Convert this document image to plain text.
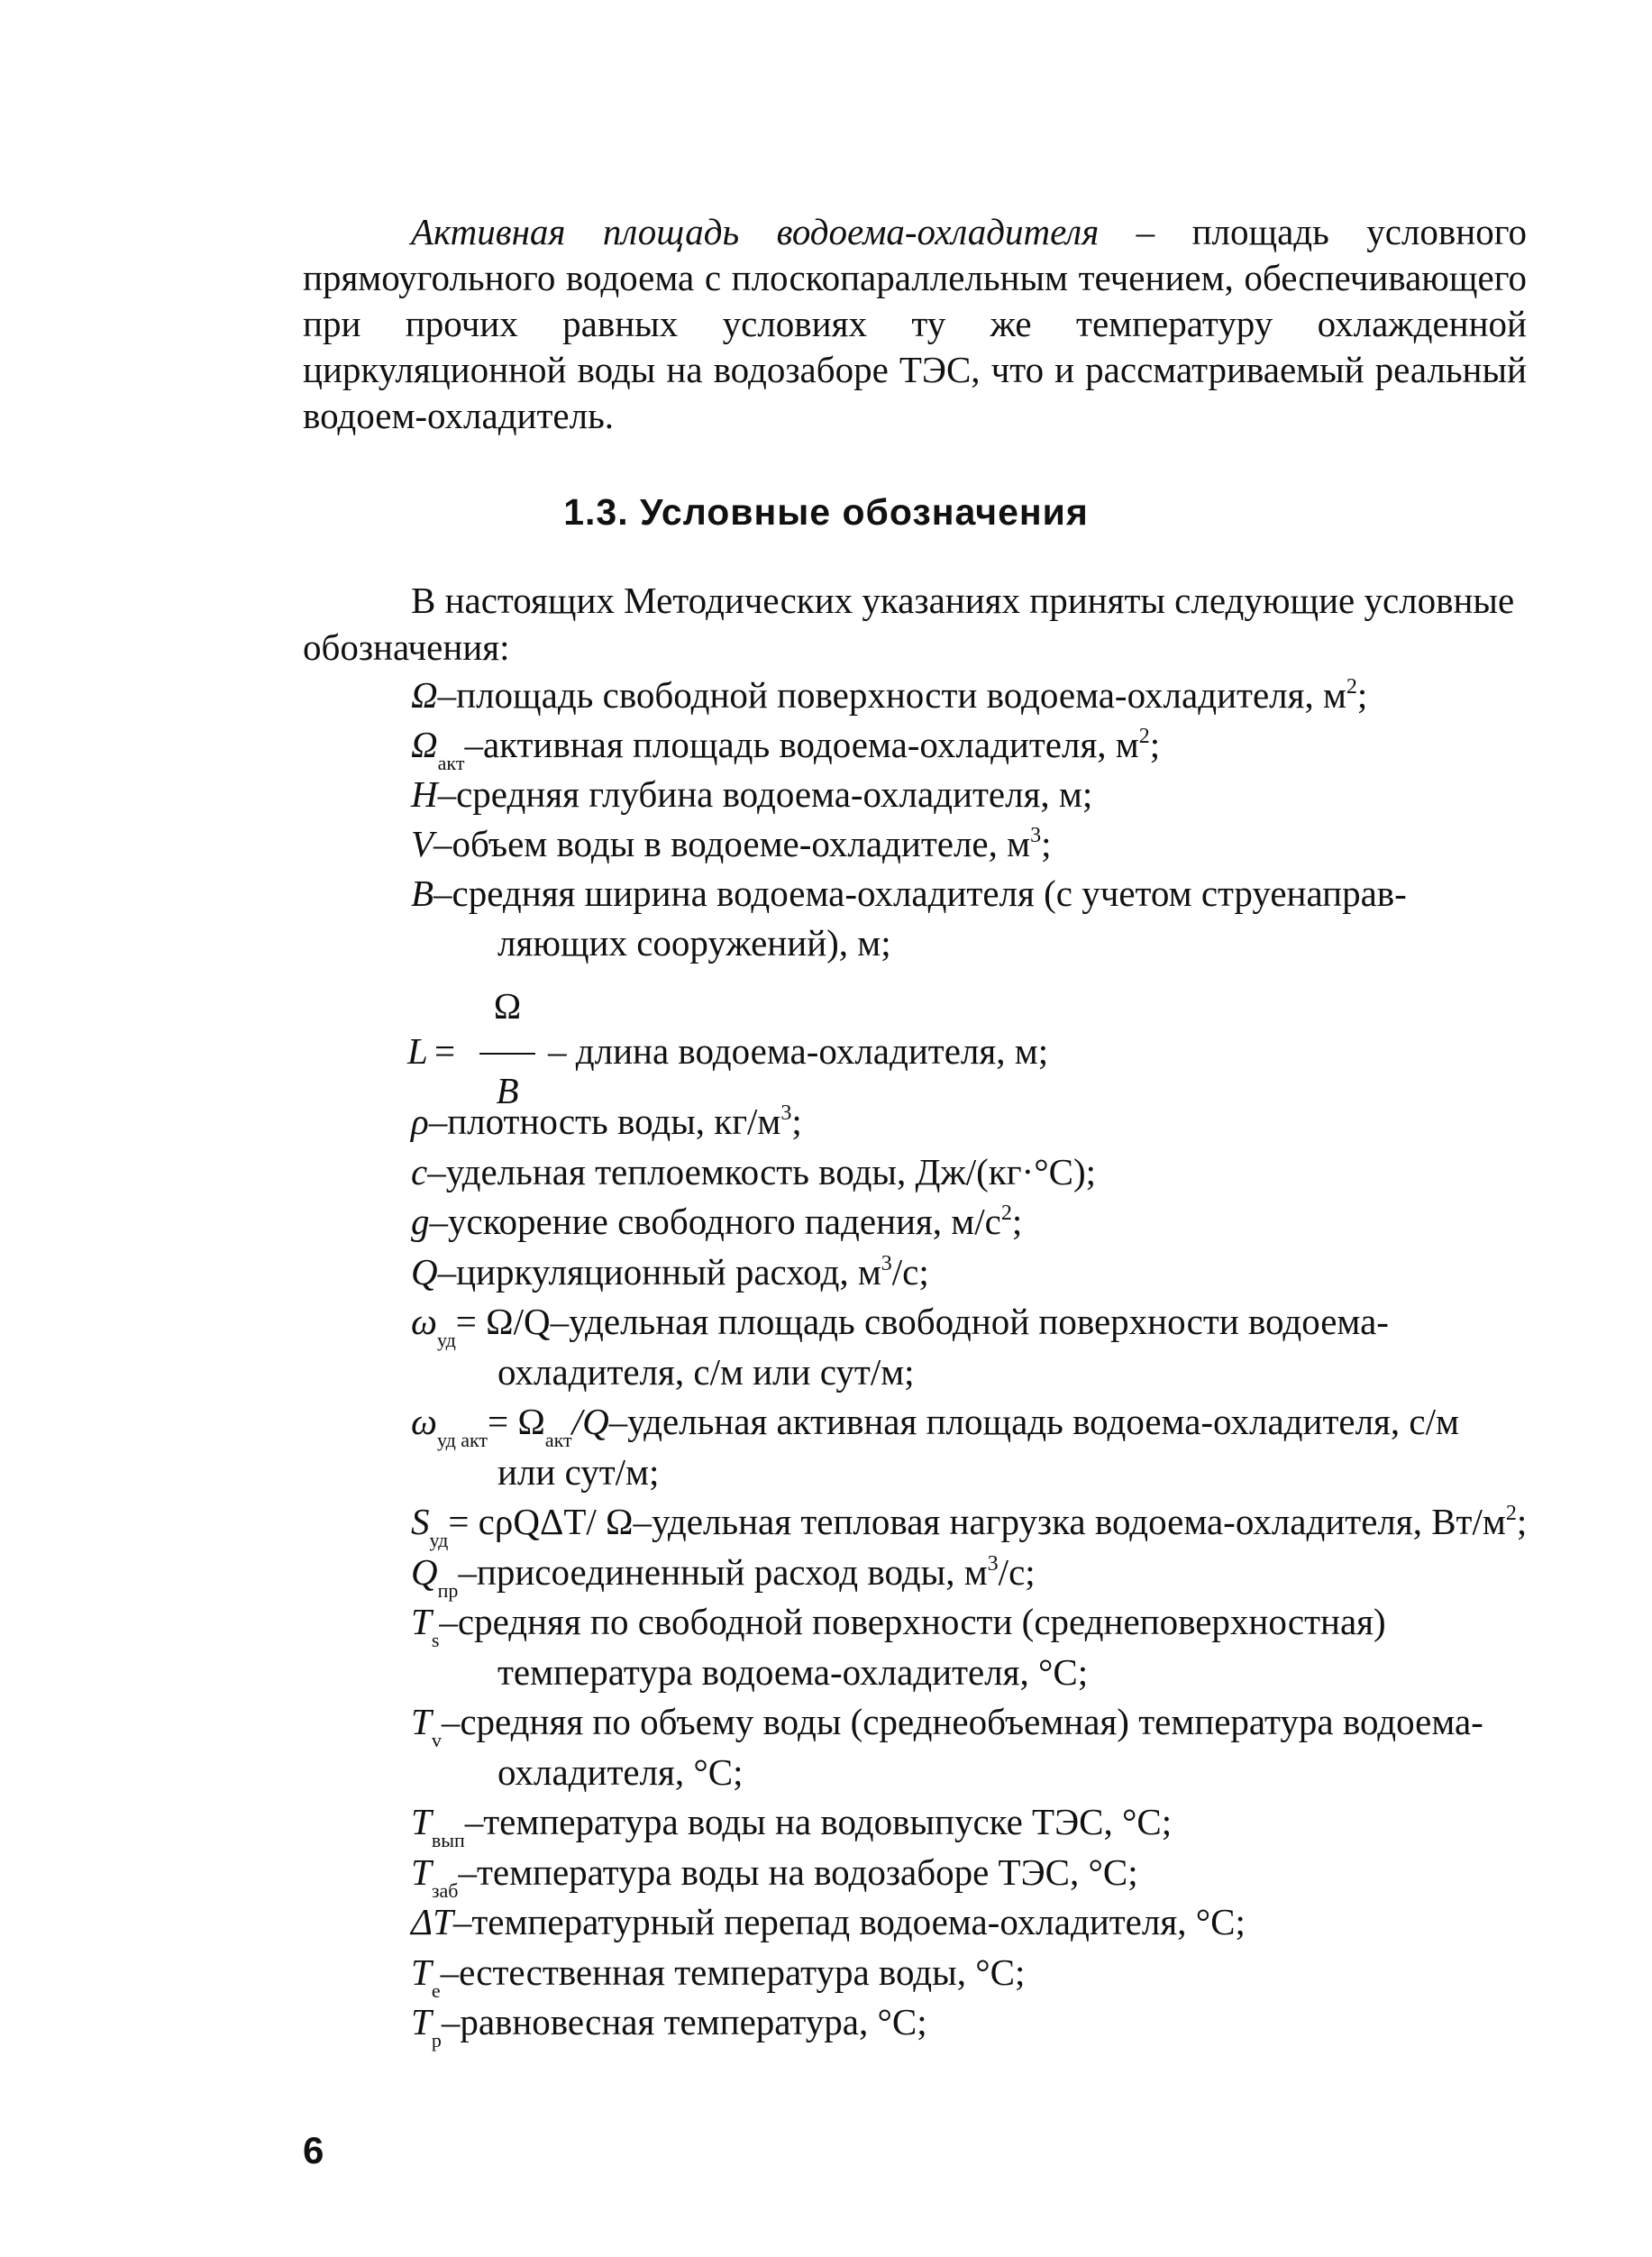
Активная площадь водоема-охладителя – площадь условного прямоугольного водоема с плоскопараллельным течением, обеспечивающего при прочих равных условиях ту же температуру охлажденной циркуляционной воды на водозаборе ТЭС, что и рассматриваемый реальный водоем-охладитель.

1.3. Условные обозначения

В настоящих Методических указаниях приняты следующие условные обозначения:

Ω–площадь свободной поверхности водоема-охладителя, $м^2$;
$\Omega_{акт}$–активная площадь водоема-охладителя, $м^2$;
H–средняя глубина водоема-охладителя, м;
V–объем воды в водоеме-охладителе, $м^3$;
B–средняя ширина водоема-охладителя (с учетом струенаправ-
ляющих сооружений), м;
L =
Ω
B
– длина водоема-охладителя, м;
ρ–плотность воды, $кг/м^3$;
c–удельная теплоемкость воды, Дж/(кг·°С);
g–ускорение свободного падения, $м/с^2$;
Q–циркуляционный расход, $м^3/с$;
$\omega_{уд}=$ Ω/Q–удельная площадь свободной поверхности водоема-
охладителя, с/м или сут/м;
$\omega_{уд акт}=$ $\Omega_{акт}/Q$–удельная активная площадь водоема-охладителя, с/м
или сут/м;
$S_{уд}= c\rho Q\Delta T/$ Ω–удельная тепловая нагрузка водоема-охладителя, $Вт/м^2$;
$Q_{пр}$–присоединенный расход воды, $м^3/с$;
$T_s$–средняя по свободной поверхности (среднеповерхностная)
температура водоема-охладителя, °С;
$T_v$–средняя по объему воды (среднеобъемная) температура водоема-
охладителя, °С;
$T_{вып}$–температура воды на водовыпуске ТЭС, °С;
$T_{заб}$–температура воды на водозаборе ТЭС, °С;
ΔT–температурный перепад водоема-охладителя, °С;
$T_e$–естественная температура воды, °С;
$T_p$–равновесная температура, °С;
6
